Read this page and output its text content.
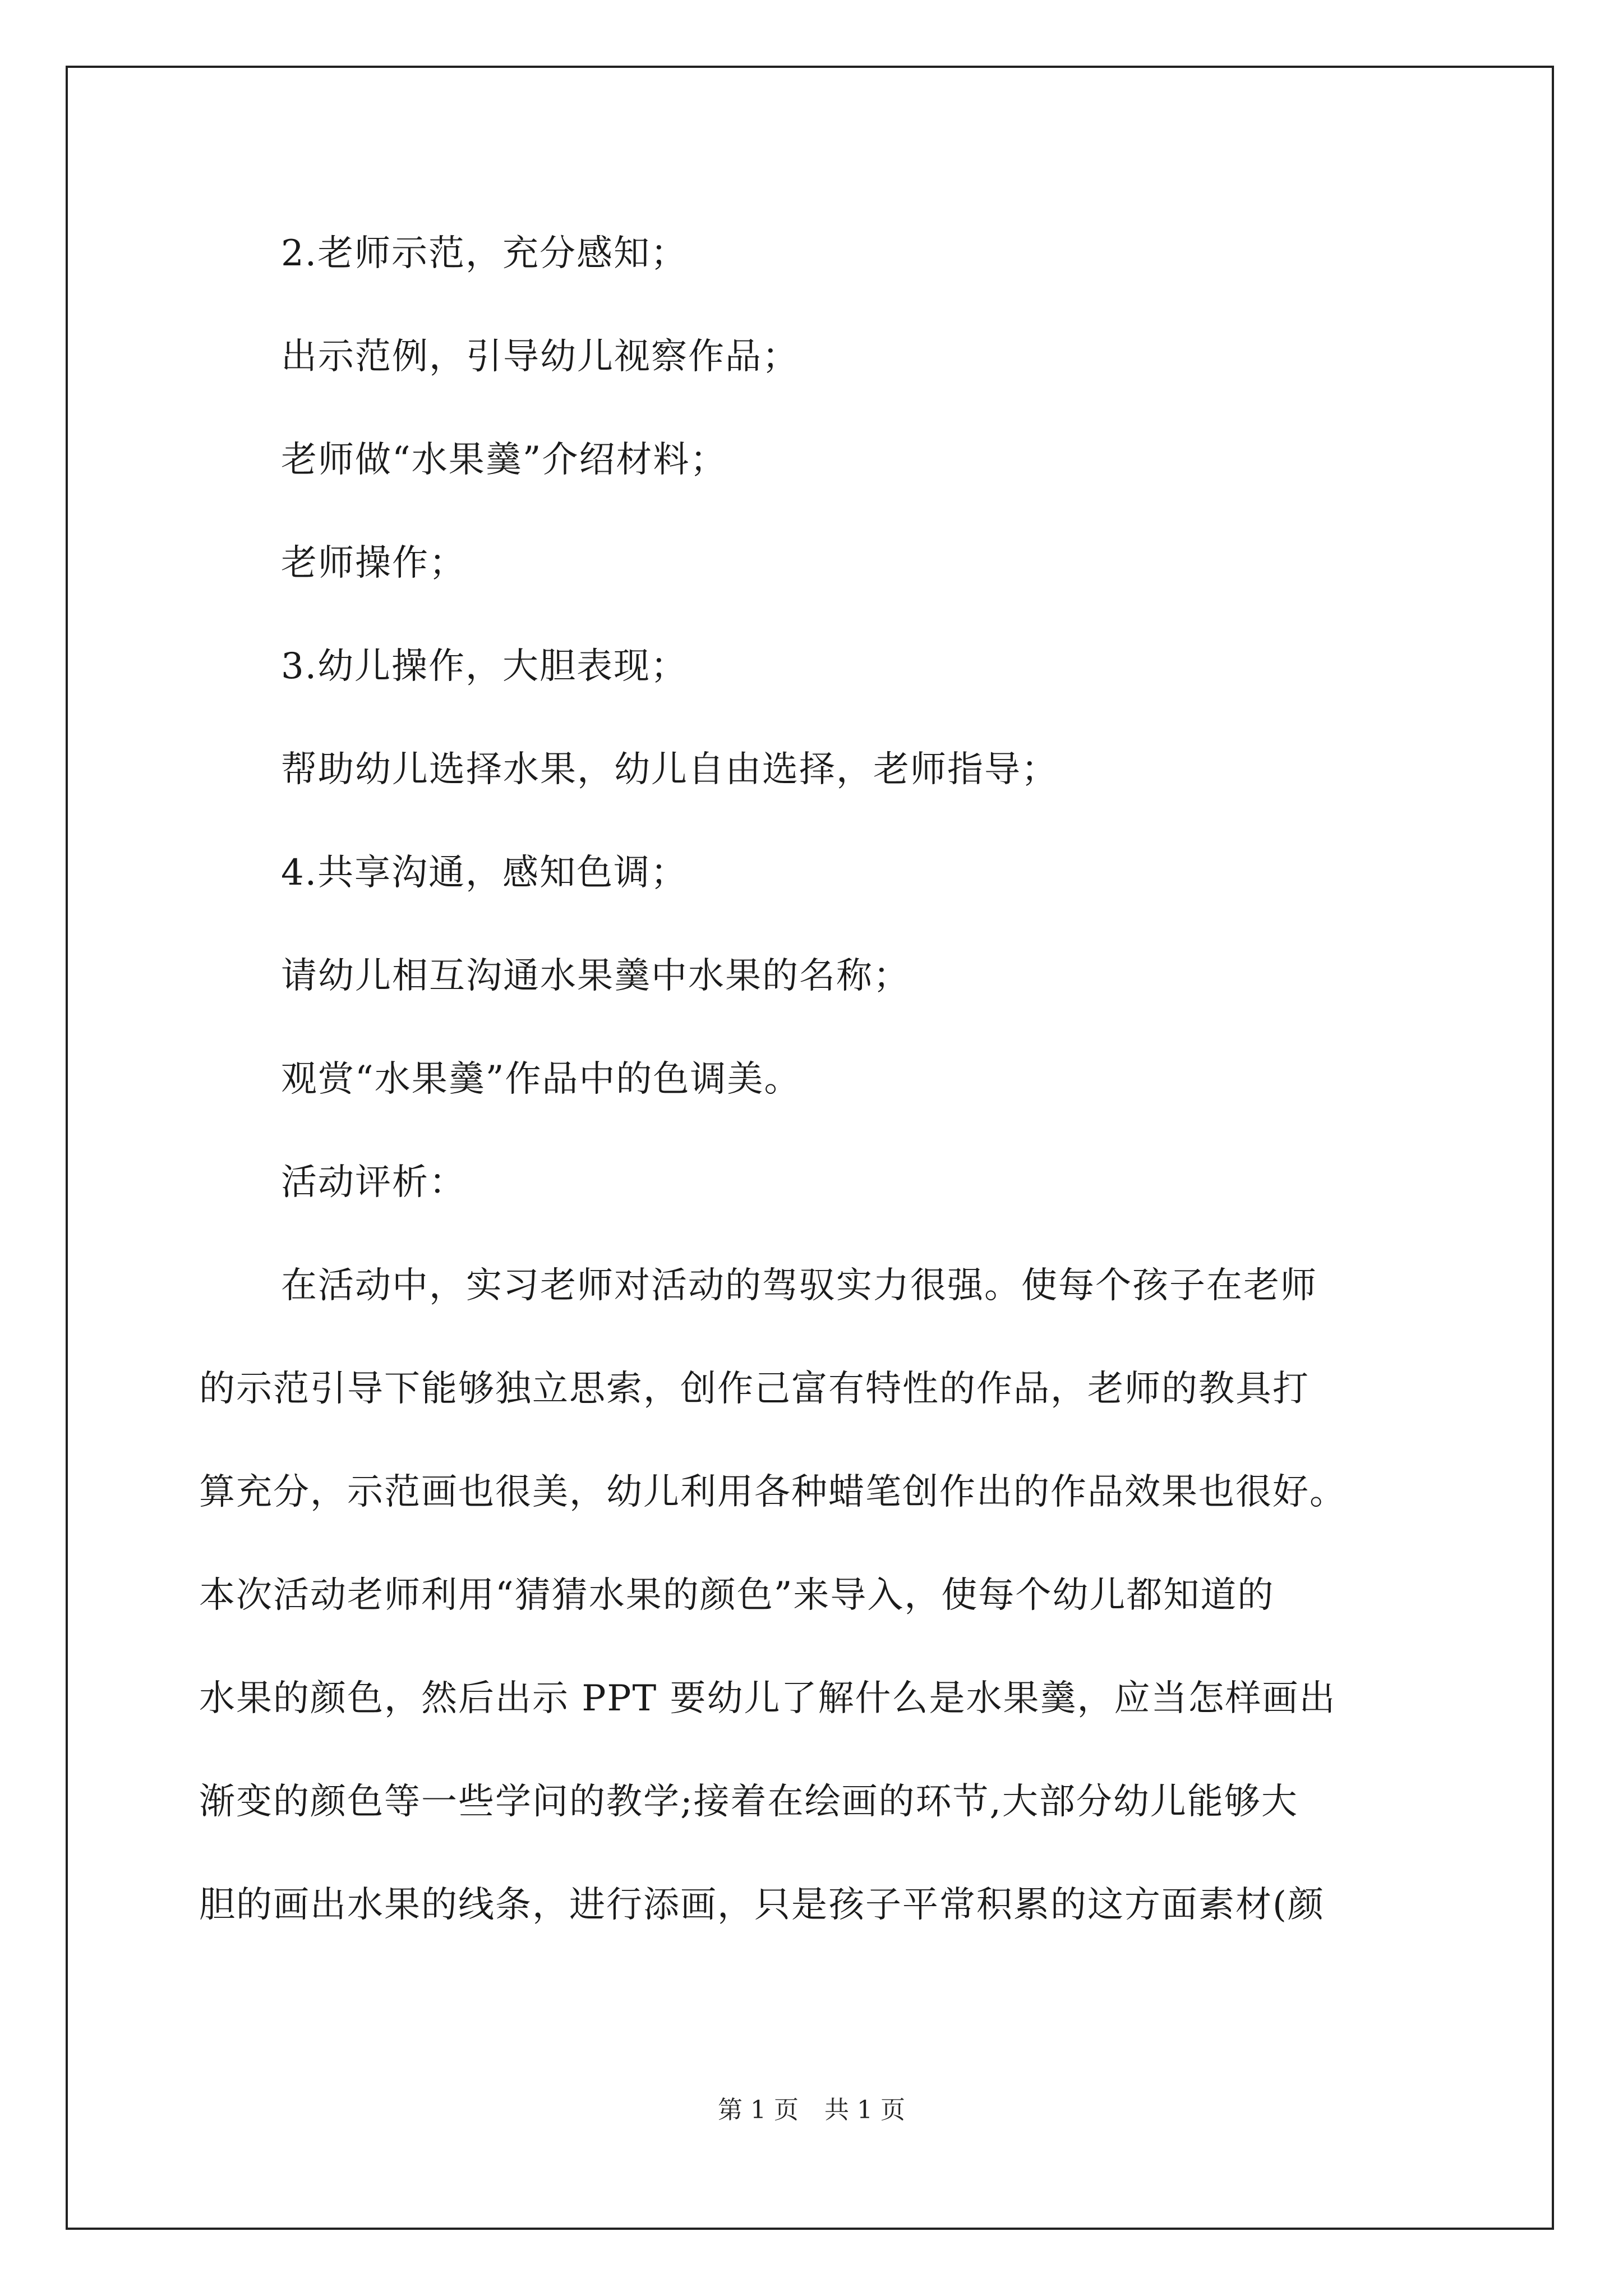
2.老师示范，充分感知；
出示范例，引导幼儿视察作品；
老师做“水果羹”介绍材料；
老师操作；
3.幼儿操作，大胆表现；
帮助幼儿选择水果，幼儿自由选择，老师指导；
4.共享沟通，感知色调；
请幼儿相互沟通水果羹中水果的名称；
观赏“水果羹”作品中的色调美。
活动评析：
在活动中，实习老师对活动的驾驭实力很强。使每个孩子在老师
的示范引导下能够独立思索，创作己富有特性的作品，老师的教具打
算充分，示范画也很美，幼儿利用各种蜡笔创作出的作品效果也很好。
本次活动老师利用“猜猜水果的颜色”来导入，使每个幼儿都知道的
水果的颜色，然后出示 PPT 要幼儿了解什么是水果羹，应当怎样画出
渐变的颜色等一些学问的教学;接着在绘画的环节,大部分幼儿能够大
胆的画出水果的线条，进行添画，只是孩子平常积累的这方面素材(颜
第 1 页 共 1 页
